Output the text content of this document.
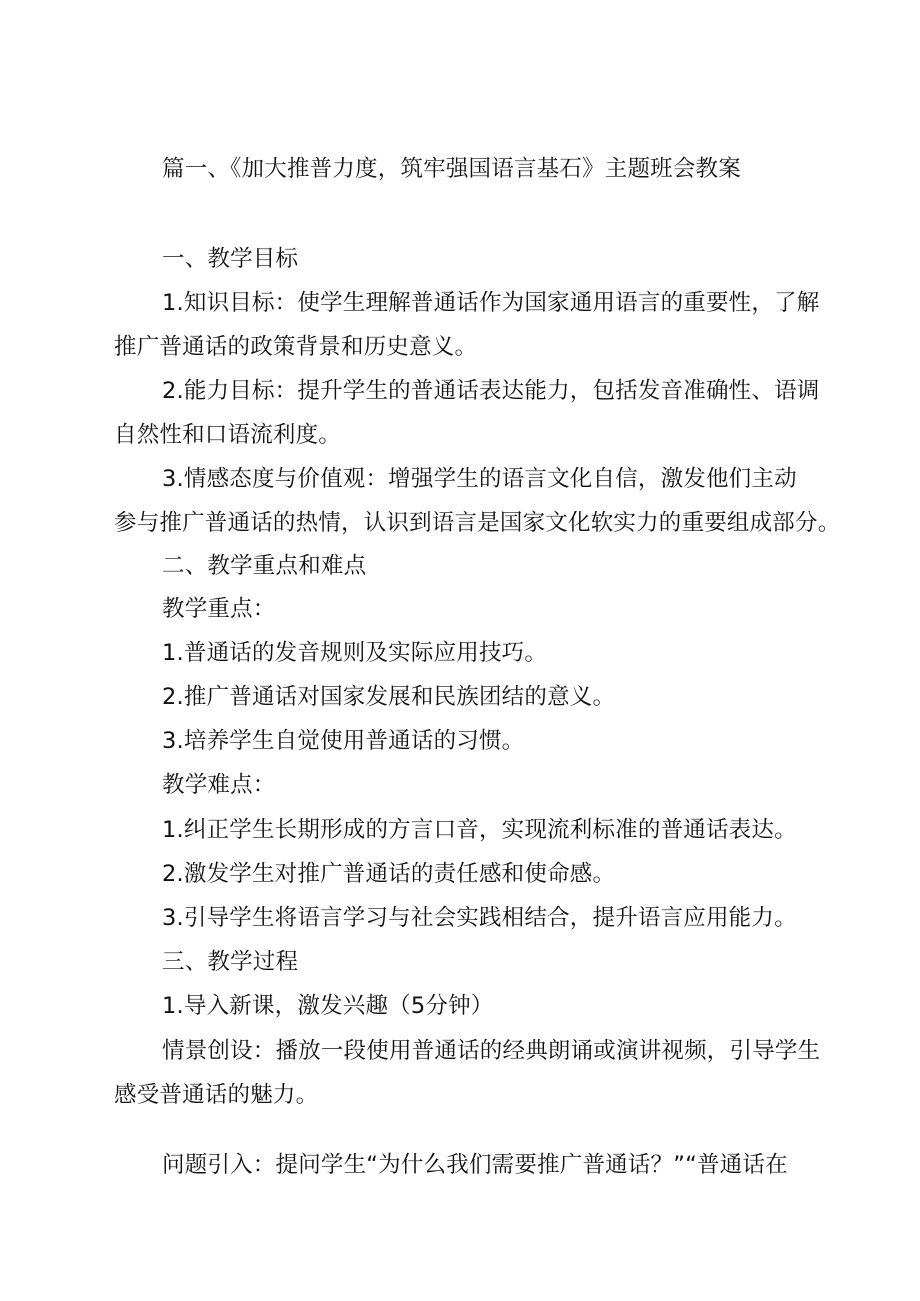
篇一、《加大推普力度，筑牢强国语言基石》主题班会教案
一、教学目标
1.知识目标：使学生理解普通话作为国家通用语言的重要性，了解
推广普通话的政策背景和历史意义。
2.能力目标：提升学生的普通话表达能力，包括发音准确性、语调
自然性和口语流利度。
3.情感态度与价值观：增强学生的语言文化自信，激发他们主动
参与推广普通话的热情，认识到语言是国家文化软实力的重要组成部分。
二、教学重点和难点
教学重点：
1.普通话的发音规则及实际应用技巧。
2.推广普通话对国家发展和民族团结的意义。
3.培养学生自觉使用普通话的习惯。
教学难点：
1.纠正学生长期形成的方言口音，实现流利标准的普通话表达。
2.激发学生对推广普通话的责任感和使命感。
3.引导学生将语言学习与社会实践相结合，提升语言应用能力。
三、教学过程
1.导入新课，激发兴趣（5分钟）
情景创设：播放一段使用普通话的经典朗诵或演讲视频，引导学生
感受普通话的魅力。
问题引入：提问学生“为什么我们需要推广普通话？”“普通话在
